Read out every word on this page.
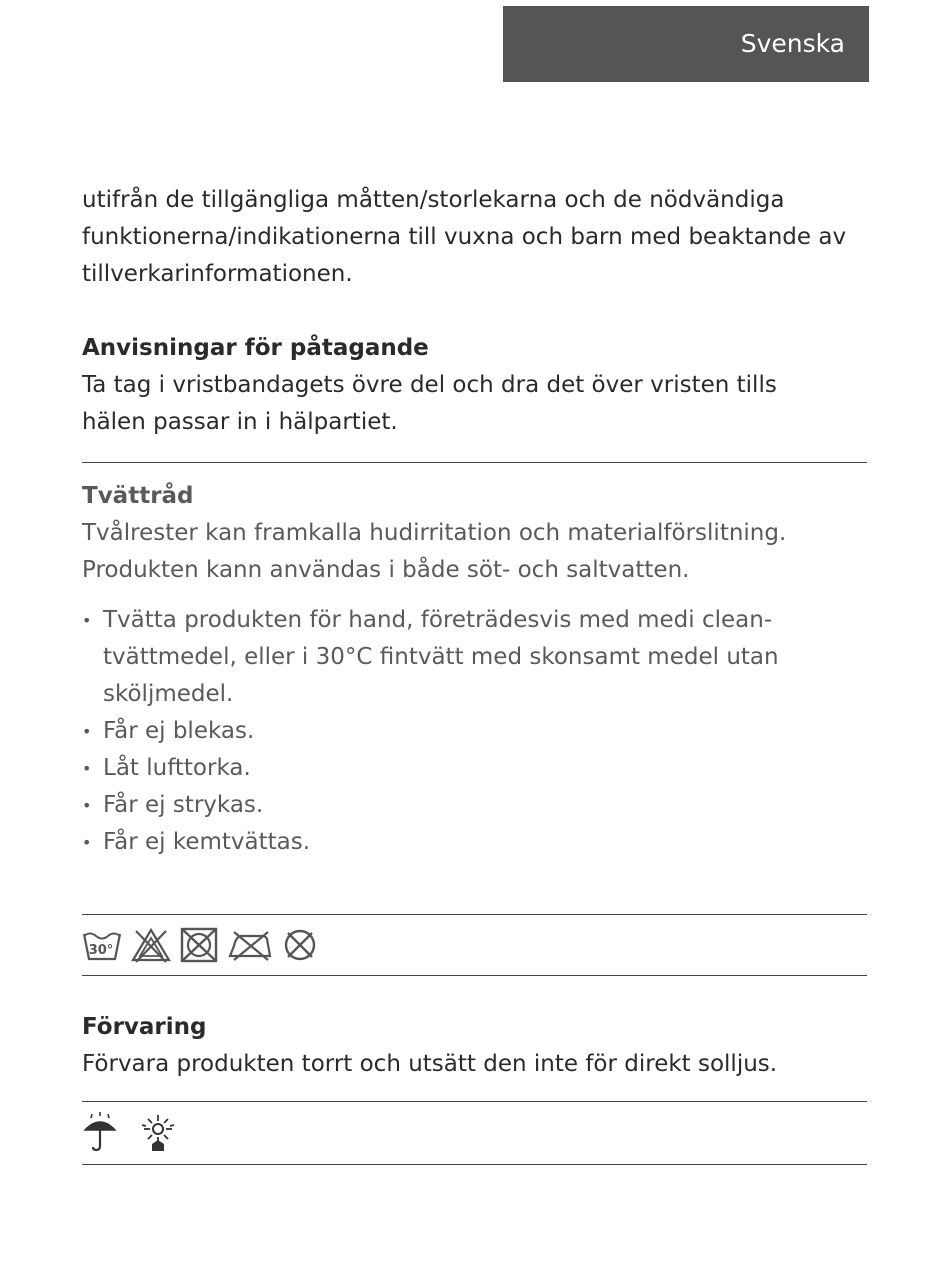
Svenska

utifrån de tillgängliga måtten/storlekarna och de nödvändiga funktionerna/indikationerna till vuxna och barn med beaktande av tillverkarinformationen.

Anvisningar för påtagande

Ta tag i vristbandagets övre del och dra det över vristen tills hälen passar in i hälpartiet.

Tvättråd

Tvålrester kan framkalla hudirritation och materialförslitning. Produkten kann användas i både söt- och saltvatten.

• Tvätta produkten för hand, företrädesvis med medi clean-tvättmedel, eller i 30°C fintvätt med skonsamt medel utan sköljmedel.
• Får ej blekas.
• Låt lufttorka.
• Får ej strykas.
• Får ej kemtvättas.
30°
Förvaring

Förvara produkten torrt och utsätt den inte för direkt solljus.
